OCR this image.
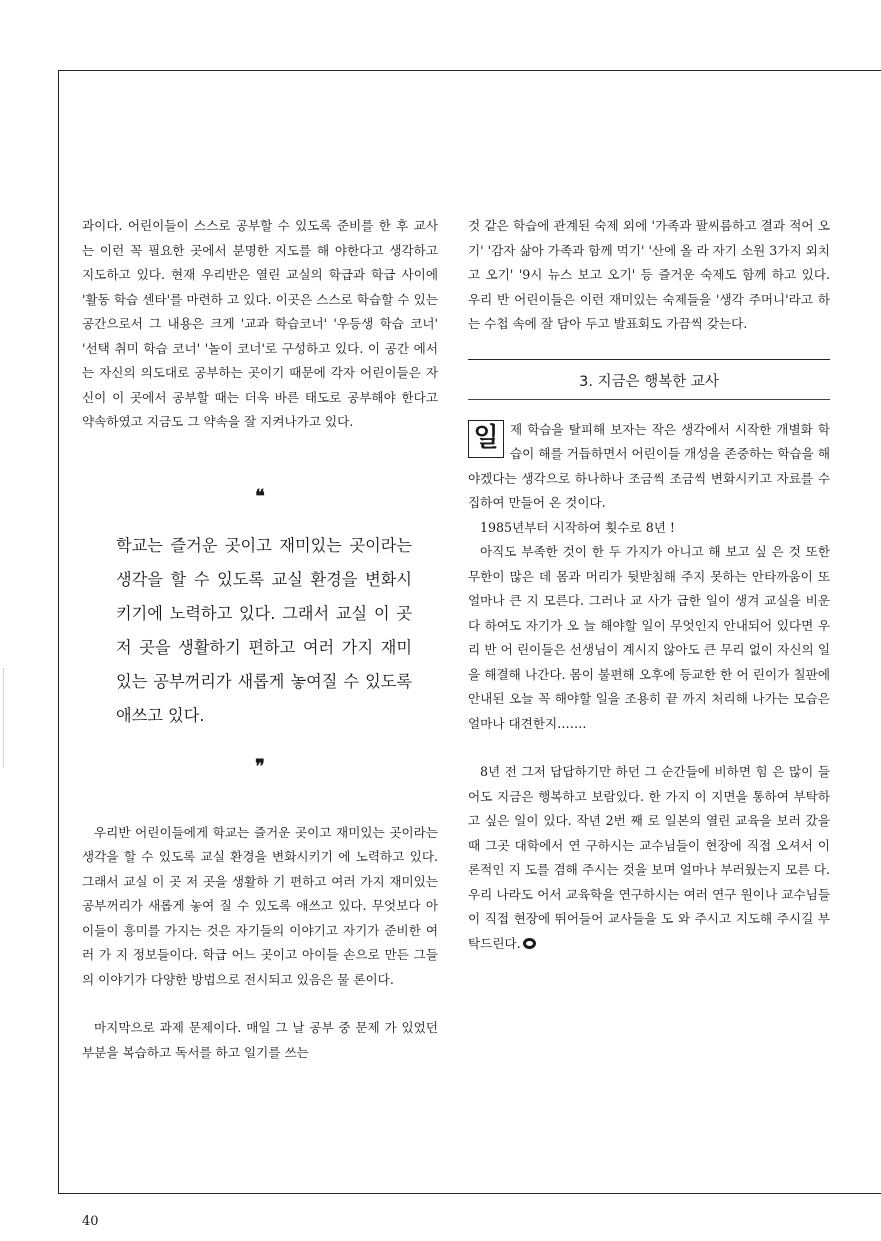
과이다. 어린이들이 스스로 공부할 수 있도록 준비를 한 후 교사는 이런 꼭 필요한 곳에서 분명한 지도를 해 야한다고 생각하고 지도하고 있다. 현재 우리반은 열린 교실의 학급과 학급 사이에 '활동 학습 센타'를 마련하 고 있다. 이곳은 스스로 학습할 수 있는 공간으로서 그 내용은 크게 '교과 학습코너' '우등생 학습 코너' '선택 취미 학습 코너' '놀이 코너'로 구성하고 있다. 이 공간 에서는 자신의 의도대로 공부하는 곳이기 때문에 각자 어린이들은 자신이 이 곳에서 공부할 때는 더욱 바른 태도로 공부해야 한다고 약속하였고 지금도 그 약속을 잘 지켜나가고 있다.

❝

학교는 즐거운 곳이고 재미있는 곳이라는 생각을 할 수 있도록 교실 환경을 변화시키기에 노력하고 있다. 그래서 교실 이 곳 저 곳을 생활하기 편하고 여러 가지 재미있는 공부꺼리가 새롭게 놓여질 수 있도록 애쓰고 있다.

❞

우리반 어린이들에게 학교는 즐거운 곳이고 재미있는 곳이라는 생각을 할 수 있도록 교실 환경을 변화시키기 에 노력하고 있다. 그래서 교실 이 곳 저 곳을 생활하 기 편하고 여러 가지 재미있는 공부꺼리가 새롭게 놓여 질 수 있도록 애쓰고 있다. 무엇보다 아이들이 흥미를 가지는 것은 자기들의 이야기고 자기가 준비한 여러 가 지 정보들이다. 학급 어느 곳이고 아이들 손으로 만든 그들의 이야기가 다양한 방법으로 전시되고 있음은 물 론이다.

마지막으로 과제 문제이다. 매일 그 날 공부 중 문제 가 있었던 부분을 복습하고 독서를 하고 일기를 쓰는

것 같은 학습에 관계된 숙제 외에 '가족과 팔씨름하고 결과 적어 오기' '감자 삶아 가족과 함께 먹기' '산에 올 라 자기 소원 3가지 외치고 오기' '9시 뉴스 보고 오기' 등 즐거운 숙제도 함께 하고 있다. 우리 반 어린이들은 이런 재미있는 숙제들을 '생각 주머니'라고 하는 수첩 속에 잘 담아 두고 발표회도 가끔씩 갖는다.

3. 지금은 행복한 교사
일 제 학습을 탈피해 보자는 작은 생각에서 시작한 개별화 학습이 해를 거듭하면서 어린이들 개성을 존중하는 학습을 해야겠다는 생각으로 하나하나 조금씩 조금씩 변화시키고 자료를 수집하여 만들어 온 것이다.

1985년부터 시작하여 횟수로 8년 !

아직도 부족한 것이 한 두 가지가 아니고 해 보고 싶 은 것 또한 무한이 많은 데 몸과 머리가 뒷받침해 주지 못하는 안타까움이 또 얼마나 큰 지 모른다. 그러나 교 사가 급한 일이 생겨 교실을 비운다 하여도 자기가 오 늘 해야할 일이 무엇인지 안내되어 있다면 우리 반 어 린이들은 선생님이 계시지 않아도 큰 무리 없이 자신의 일을 해결해 나간다. 몸이 불편해 오후에 등교한 한 어 린이가 칠판에 안내된 오늘 꼭 해야할 일을 조용히 끝 까지 처리해 나가는 모습은 얼마나 대견한지…….

8년 전 그저 답답하기만 하던 그 순간들에 비하면 힘 은 많이 들어도 지금은 행복하고 보람있다. 한 가지 이 지면을 통하여 부탁하고 싶은 일이 있다. 작년 2번 째 로 일본의 열린 교육을 보러 갔을 때 그곳 대학에서 연 구하시는 교수님들이 현장에 직접 오셔서 이론적인 지 도를 겸해 주시는 것을 보며 얼마나 부러웠는지 모른 다. 우리 나라도 어서 교육학을 연구하시는 여러 연구 원이나 교수님들이 직접 현장에 뛰어들어 교사들을 도 와 주시고 지도해 주시길 부탁드린다.

40
